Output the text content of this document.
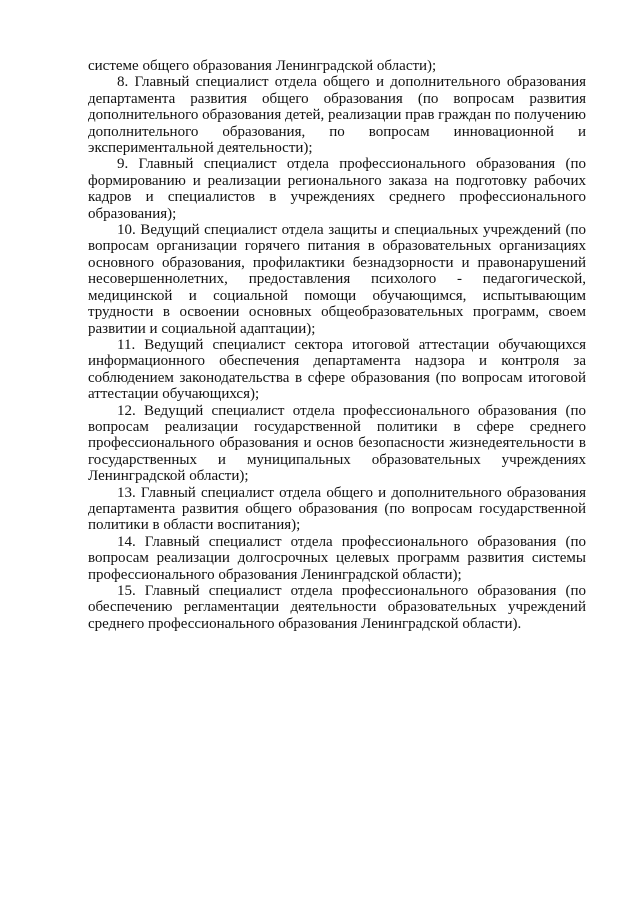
системе общего образования Ленинградской области);

8. Главный специалист отдела общего и дополнительного образования департамента развития общего образования (по вопросам развития дополнительного образования детей, реализации прав граждан по получению дополнительного образования, по вопросам инновационной и экспериментальной деятельности);

9. Главный специалист отдела профессионального образования (по формированию и реализации регионального заказа на подготовку рабочих кадров и специалистов в учреждениях среднего профессионального образования);

10. Ведущий специалист отдела защиты и специальных учреждений (по вопросам организации горячего питания в образовательных организациях основного образования, профилактики безнадзорности и правонарушений несовершеннолетних, предоставления психолого - педагогической, медицинской и социальной помощи обучающимся, испытывающим трудности в освоении основных общеобразовательных программ, своем развитии и социальной адаптации);

11. Ведущий специалист сектора итоговой аттестации обучающихся информационного обеспечения департамента надзора и контроля за соблюдением законодательства в сфере образования (по вопросам итоговой аттестации обучающихся);

12. Ведущий специалист отдела профессионального образования (по вопросам реализации государственной политики в сфере среднего профессионального образования и основ безопасности жизнедеятельности в государственных и муниципальных образовательных учреждениях Ленинградской области);

13. Главный специалист отдела общего и дополнительного образования департамента развития общего образования (по вопросам государственной политики в области воспитания);

14. Главный специалист отдела профессионального образования (по вопросам реализации долгосрочных целевых программ развития системы профессионального образования Ленинградской области);

15. Главный специалист отдела профессионального образования (по обеспечению регламентации деятельности образовательных учреждений среднего профессионального образования Ленинградской области).
